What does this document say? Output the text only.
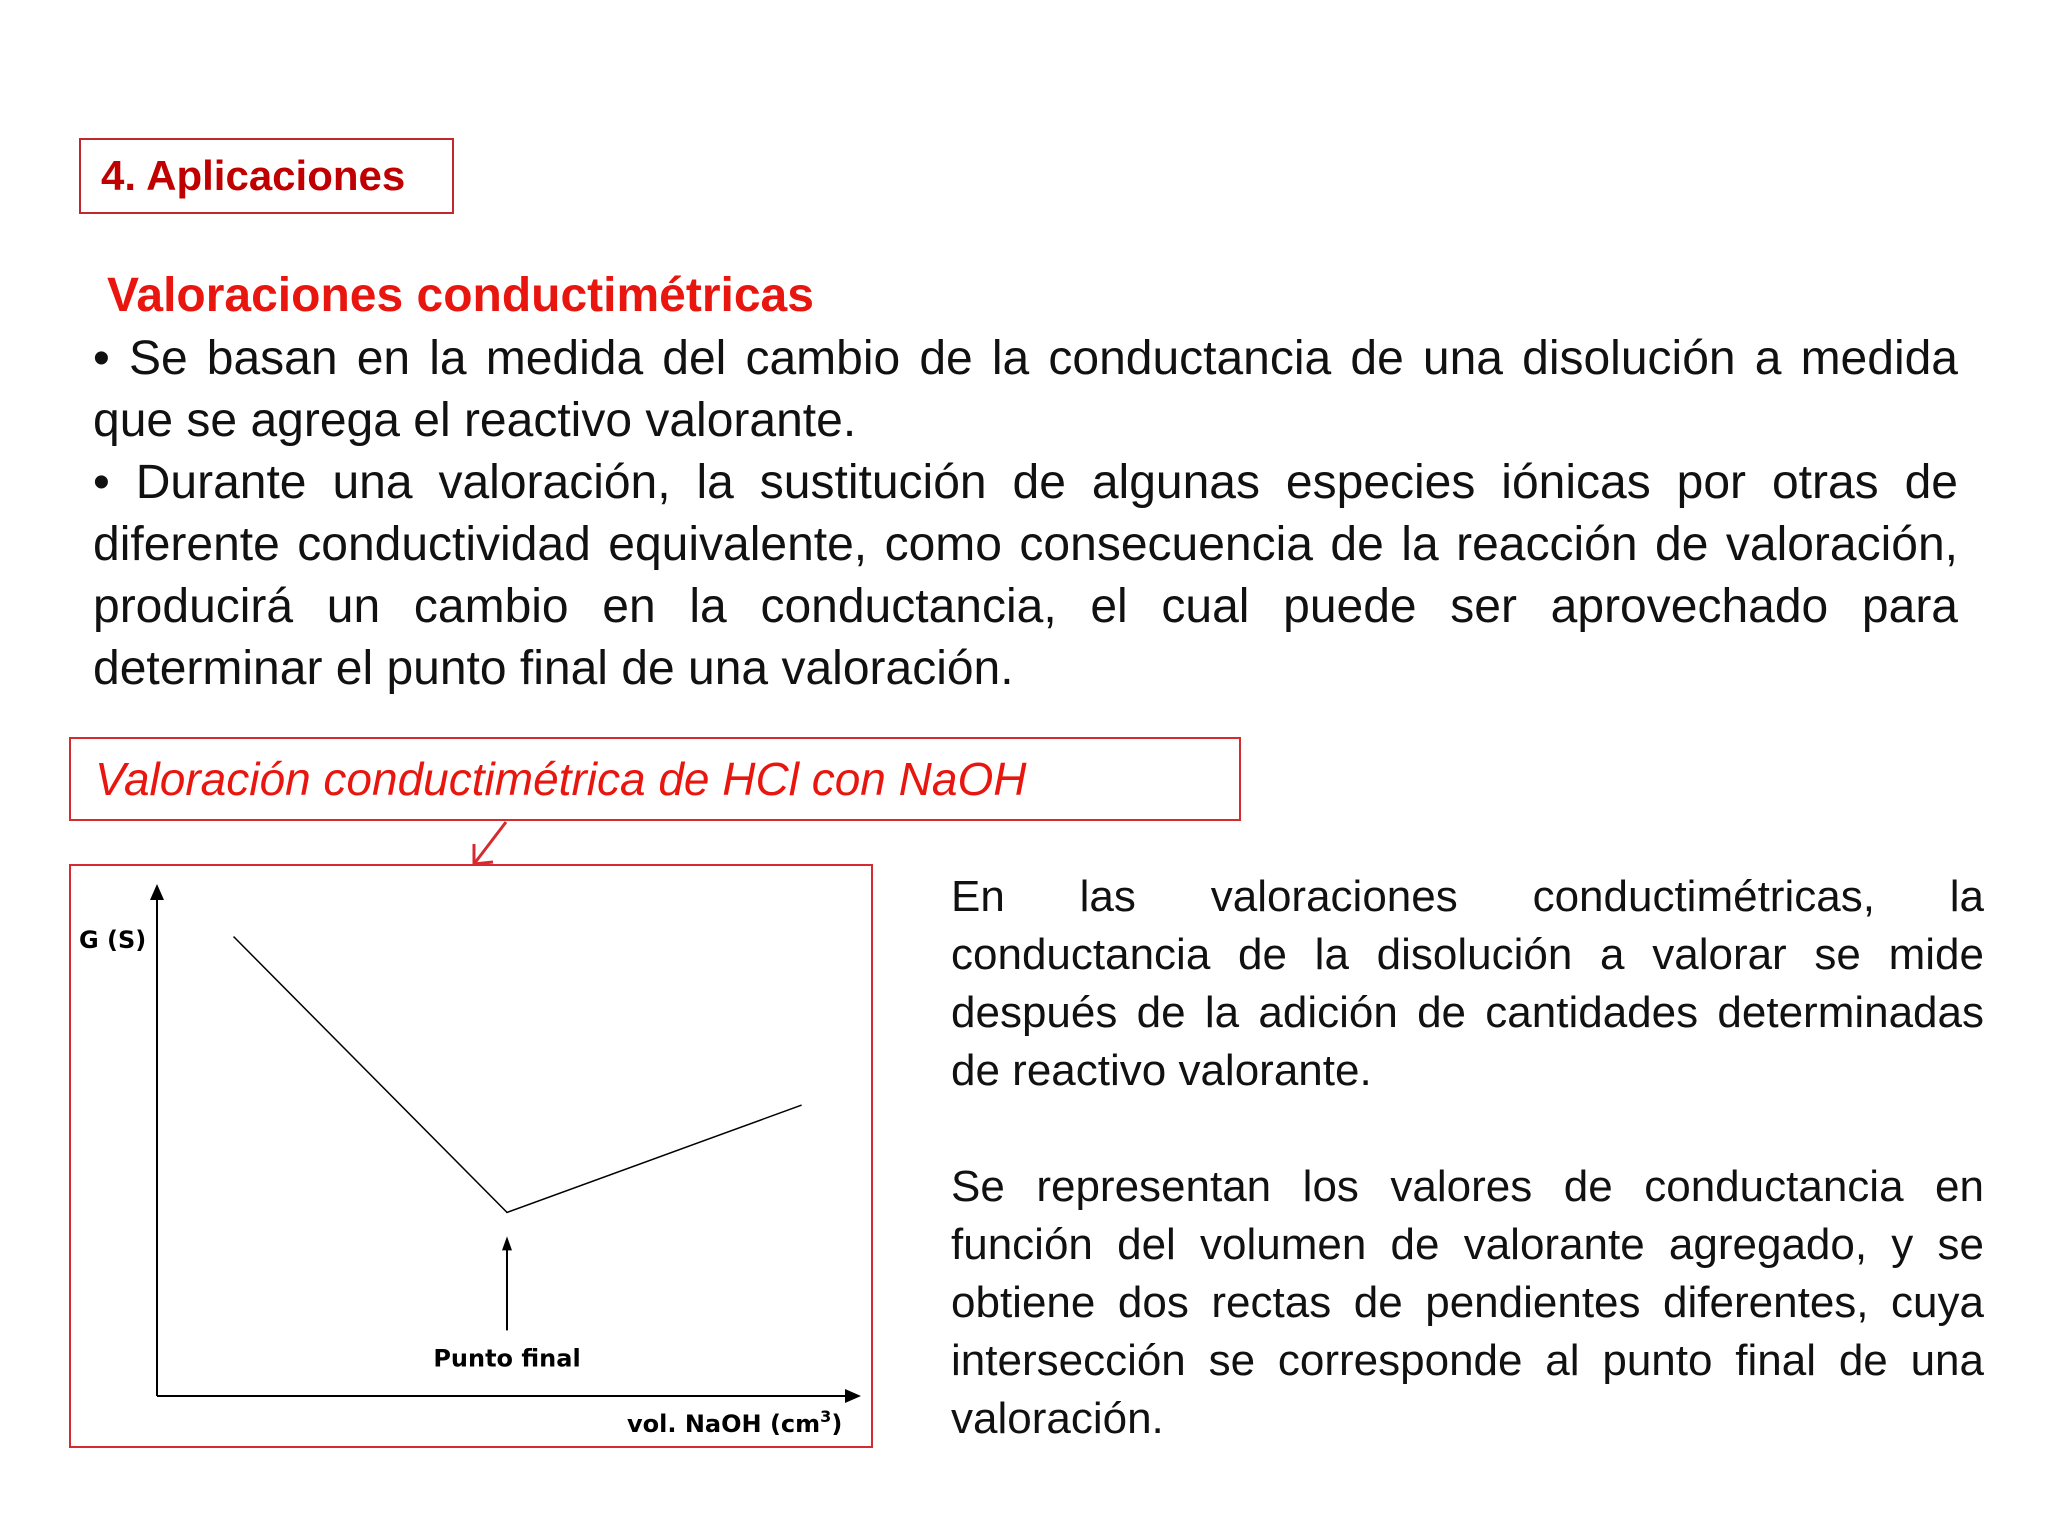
4. Aplicaciones
Valoraciones conductimétricas

• Se basan en la medida del cambio de la conductancia de una disolución a medida que se agrega el reactivo valorante.

• Durante una valoración, la sustitución de algunas especies iónicas por otras de diferente conductividad equivalente, como consecuencia de la reacción de valoración, producirá un cambio en la conductancia, el cual puede ser aprovechado para determinar el punto final de una valoración.

Valoración conductimétrica de HCl con NaOH
G (S)
vol. NaOH $(cm^3)$
Punto final

En las valoraciones conductimétricas, la conductancia de la disolución a valorar se mide después de la adición de cantidades determinadas de reactivo valorante.

Se representan los valores de conductancia en función del volumen de valorante agregado, y se obtiene dos rectas de pendientes diferentes, cuya intersección se corresponde al punto final de una valoración.
